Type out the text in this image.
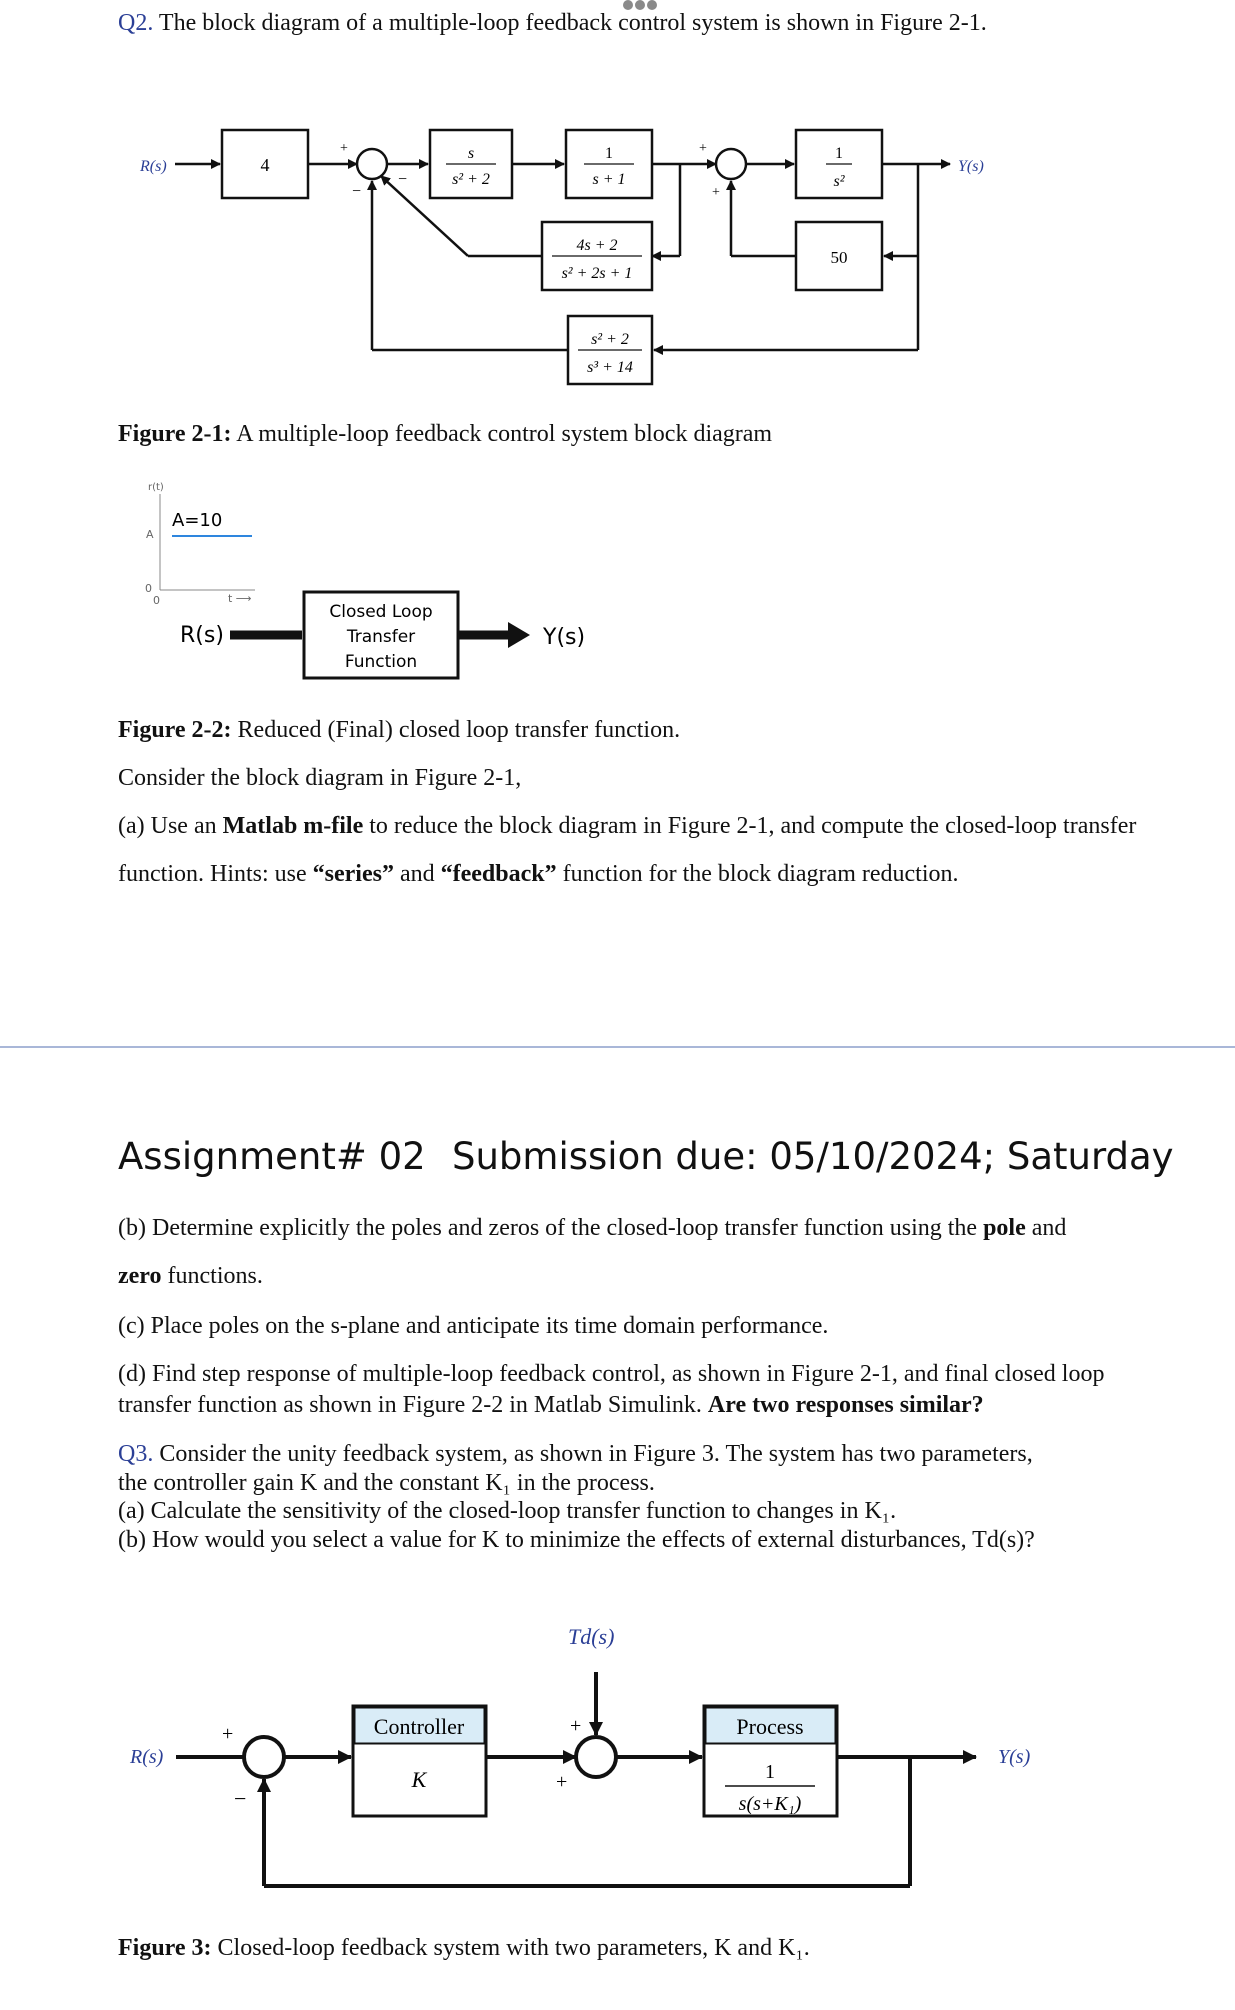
Q2. The block diagram of a multiple-loop feedback control system is shown in Figure 2-1.
R(s)	Y(s)
4
s
s² + 2
1
s + 1
1
s²
4s + 2
s² + 2s + 1
50
s² + 2
s³ + 14
+
−
−
+
+
Figure 2-1: A multiple-loop feedback control system block diagram
r(t)
A
A=10
0
0	t ⟶
R(s)
Closed Loop
Transfer
Function
Y(s)
Figure 2-2: Reduced (Final) closed loop transfer function.
Consider the block diagram in Figure 2-1,
(a) Use an Matlab m-file to reduce the block diagram in Figure 2-1, and compute the closed-loop transfer
function. Hints: use “series” and “feedback” function for the block diagram reduction.
Assignment# 02 Submission due: 05/10/2024; Saturday
(b) Determine explicitly the poles and zeros of the closed-loop transfer function using the pole and
zero functions.
(c) Place poles on the s-plane and anticipate its time domain performance.
(d) Find step response of multiple-loop feedback control, as shown in Figure 2-1, and final closed loop
transfer function as shown in Figure 2-2 in Matlab Simulink. Are two responses similar?
Q3. Consider the unity feedback system, as shown in Figure 3. The system has two parameters,
the controller gain K and the constant K₁ in the process.
(a) Calculate the sensitivity of the closed-loop transfer function to changes in K₁.
(b) How would you select a value for K to minimize the effects of external disturbances, Td(s)?
Controller
K
Process
1
s(s+K₁)
Td(s)
R(s)	Y(s)
+
−
+
+
Figure 3: Closed-loop feedback system with two parameters, K and K₁.
